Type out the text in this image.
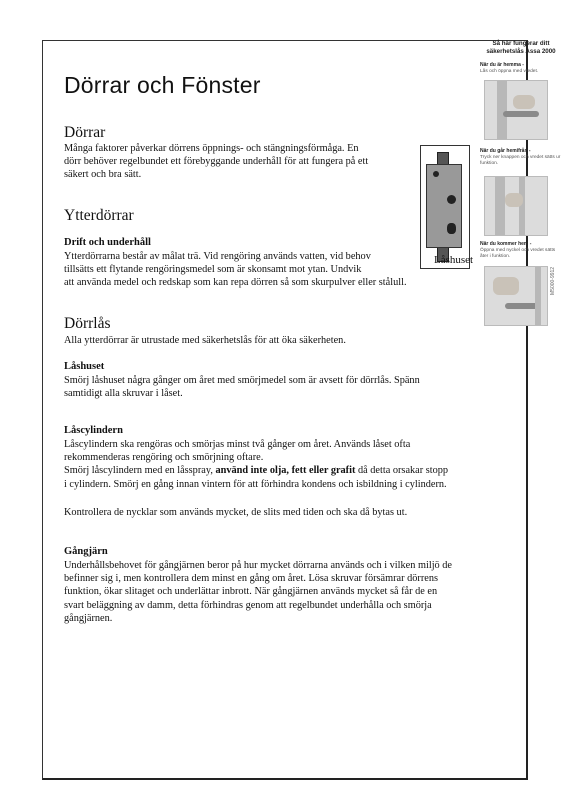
Dörrar och Fönster
Dörrar
Många faktorer påverkar dörrens öppnings- och stängningsförmåga. En
dörr behöver regelbundet ett förebyggande underhåll för att fungera på ett
säkert och bra sätt.
Ytterdörrar
Drift och underhåll
Ytterdörrarna består av målat trä. Vid rengöring används vatten, vid behov
tillsätts ett flytande rengöringsmedel som är skonsamt mot ytan. Undvik
att använda medel och redskap som kan repa dörren så som skurpulver eller stålull.
Dörrlås
Alla ytterdörrar är utrustade med säkerhetslås för att öka säkerheten.
Låshuset
Smörj låshuset några gånger om året med smörjmedel som är avsett för dörrlås. Spänn
samtidigt alla skruvar i låset.
Låscylindern
Låscylindern ska rengöras och smörjas minst två gånger om året. Används låset ofta
rekommenderas rengöring och smörjning oftare.
Smörj låscylindern med en låsspray, använd inte olja, fett eller grafit då detta orsakar stopp
i cylindern. Smörj en gång innan vintern för att förhindra kondens och isbildning i cylindern.
Kontrollera de nycklar som används mycket, de slits med tiden och ska då bytas ut.
Gångjärn
Underhållsbehovet för gångjärnen beror på hur mycket dörrarna används och i vilken miljö de
befinner sig i, men kontrollera dem minst en gång om året. Lösa skruvar försämrar dörrens
funktion, ökar slitaget och underlättar inbrott. När gångjärnen används mycket så får de en
svart beläggning av damm, detta förhindras genom att regelbundet underhålla och smörja
gångjärnen.
Låshuset
Så här fungerar ditt säkerhetslås Assa 2000
När du är hemma -
Lås och öppna med vredet.
När du går hemifrån -
Tryck ner knappen och vredet sätts ur funktion.
När du kommer hem -
Öppna med nyckel och vredet sätts åter i funktion.
M5000-9912
